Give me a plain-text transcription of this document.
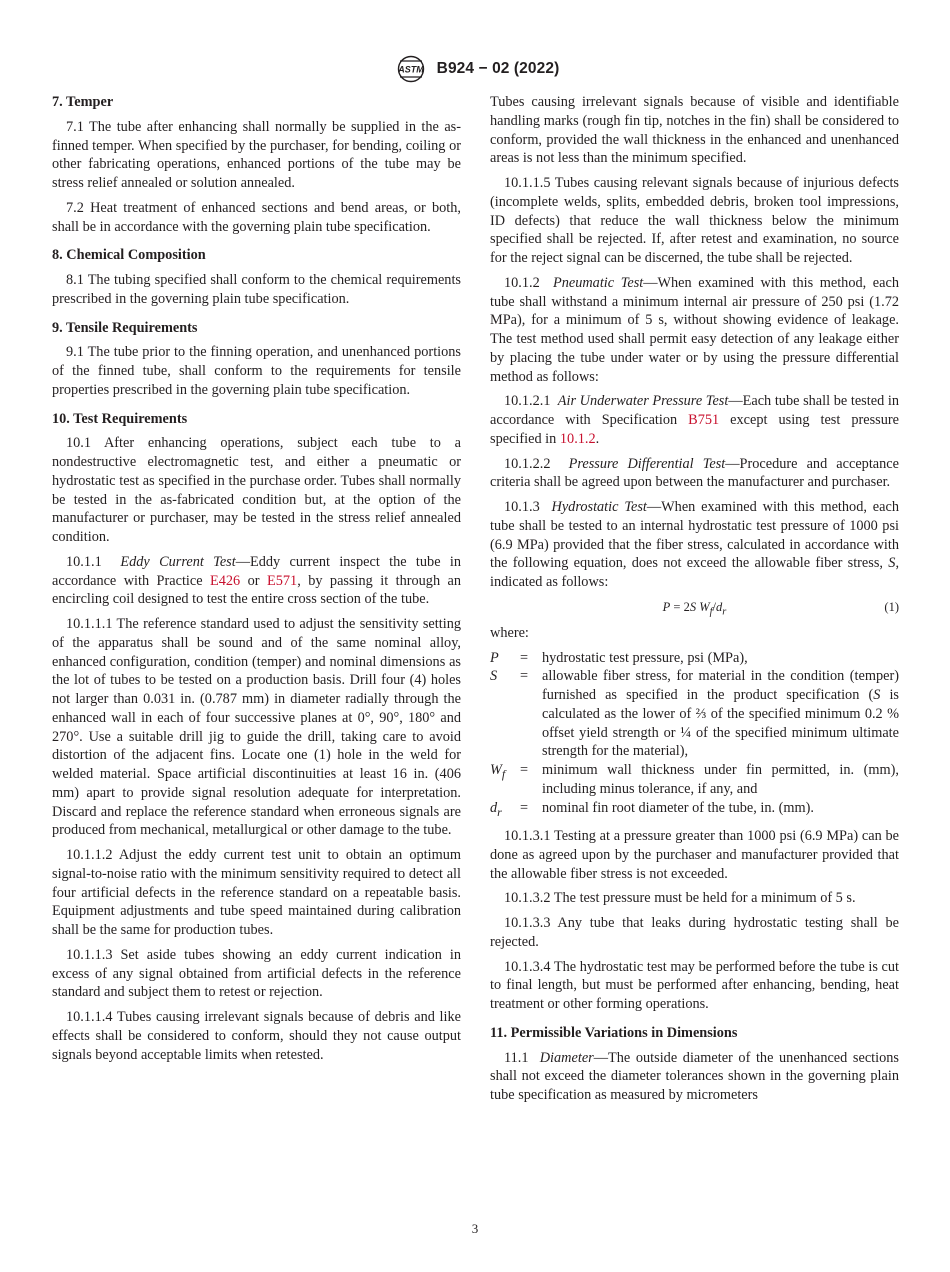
ASTM B924 − 02 (2022)
7. Temper

7.1 The tube after enhancing shall normally be supplied in the as-finned temper. When specified by the purchaser, for bending, coiling or other fabricating operations, enhanced portions of the tube may be stress relief annealed or solution annealed.

7.2 Heat treatment of enhanced sections and bend areas, or both, shall be in accordance with the governing plain tube specification.

8. Chemical Composition

8.1 The tubing specified shall conform to the chemical requirements prescribed in the governing plain tube specification.

9. Tensile Requirements

9.1 The tube prior to the finning operation, and unenhanced portions of the finned tube, shall conform to the requirements for tensile properties prescribed in the governing plain tube specification.

10. Test Requirements

10.1 After enhancing operations, subject each tube to a nondestructive electromagnetic test, and either a pneumatic or hydrostatic test as specified in the purchase order. Tubes shall normally be tested in the as-fabricated condition but, at the option of the manufacturer or purchaser, may be tested in the stress relief annealed condition.

10.1.1 Eddy Current Test—Eddy current inspect the tube in accordance with Practice E426 or E571, by passing it through an encircling coil designed to test the entire cross section of the tube.

10.1.1.1 The reference standard used to adjust the sensitivity setting of the apparatus shall be sound and of the same nominal alloy, enhanced configuration, condition (temper) and nominal dimensions as the lot of tubes to be tested on a production basis. Drill four (4) holes not larger than 0.031 in. (0.787 mm) in diameter radially through the enhanced wall in each of four successive planes at 0°, 90°, 180° and 270°. Use a suitable drill jig to guide the drill, taking care to avoid distortion of the adjacent fins. Locate one (1) hole in the weld for welded material. Space artificial discontinuities at least 16 in. (406 mm) apart to provide signal resolution adequate for interpretation. Discard and replace the reference standard when erroneous signals are produced from mechanical, metallurgical or other damage to the tube.

10.1.1.2 Adjust the eddy current test unit to obtain an optimum signal-to-noise ratio with the minimum sensitivity required to detect all four artificial defects in the reference standard on a repeatable basis. Equipment adjustments and tube speed maintained during calibration shall be the same for production tubes.

10.1.1.3 Set aside tubes showing an eddy current indication in excess of any signal obtained from artificial defects in the reference standard and subject them to retest or rejection.

10.1.1.4 Tubes causing irrelevant signals because of debris and like effects shall be considered to conform, should they not cause output signals beyond acceptable limits when retested.

Tubes causing irrelevant signals because of visible and identifiable handling marks (rough fin tip, notches in the fin) shall be considered to conform, provided the wall thickness in the enhanced and unenhanced areas is not less than the minimum specified.

10.1.1.5 Tubes causing relevant signals because of injurious defects (incomplete welds, splits, embedded debris, broken tool impressions, ID defects) that reduce the wall thickness below the minimum specified shall be rejected. If, after retest and examination, no source for the reject signal can be discerned, the tube shall be rejected.

10.1.2 Pneumatic Test—When examined with this method, each tube shall withstand a minimum internal air pressure of 250 psi (1.72 MPa), for a minimum of 5 s, without showing evidence of leakage. The test method used shall permit easy detection of any leakage either by placing the tube under water or by using the pressure differential method as follows:

10.1.2.1 Air Underwater Pressure Test—Each tube shall be tested in accordance with Specification B751 except using test pressure specified in 10.1.2.

10.1.2.2 Pressure Differential Test—Procedure and acceptance criteria shall be agreed upon between the manufacturer and purchaser.

10.1.3 Hydrostatic Test—When examined with this method, each tube shall be tested to an internal hydrostatic test pressure of 1000 psi (6.9 MPa) provided that the fiber stress, calculated in accordance with the following equation, does not exceed the allowable fiber stress, S, indicated as follows:

P = 2S $W_f/d_r$	(1)

where:

P	= hydrostatic test pressure, psi (MPa),
S	= allowable fiber stress, for material in the condition (temper) furnished as specified in the product specification (S is calculated as the lower of ⅔ of the specified minimum 0.2 % offset yield strength or ¼ of the specified minimum ultimate strength for the material),
$W_f$	= minimum wall thickness under fin permitted, in. (mm), including minus tolerance, if any, and
$d_r$	= nominal fin root diameter of the tube, in. (mm).

10.1.3.1 Testing at a pressure greater than 1000 psi (6.9 MPa) can be done as agreed upon by the purchaser and manufacturer provided that the allowable fiber stress is not exceeded.

10.1.3.2 The test pressure must be held for a minimum of 5 s.

10.1.3.3 Any tube that leaks during hydrostatic testing shall be rejected.

10.1.3.4 The hydrostatic test may be performed before the tube is cut to final length, but must be performed after enhancing, bending, heat treatment or other forming operations.

11. Permissible Variations in Dimensions

11.1 Diameter—The outside diameter of the unenhanced sections shall not exceed the diameter tolerances shown in the governing plain tube specification as measured by micrometers

3
